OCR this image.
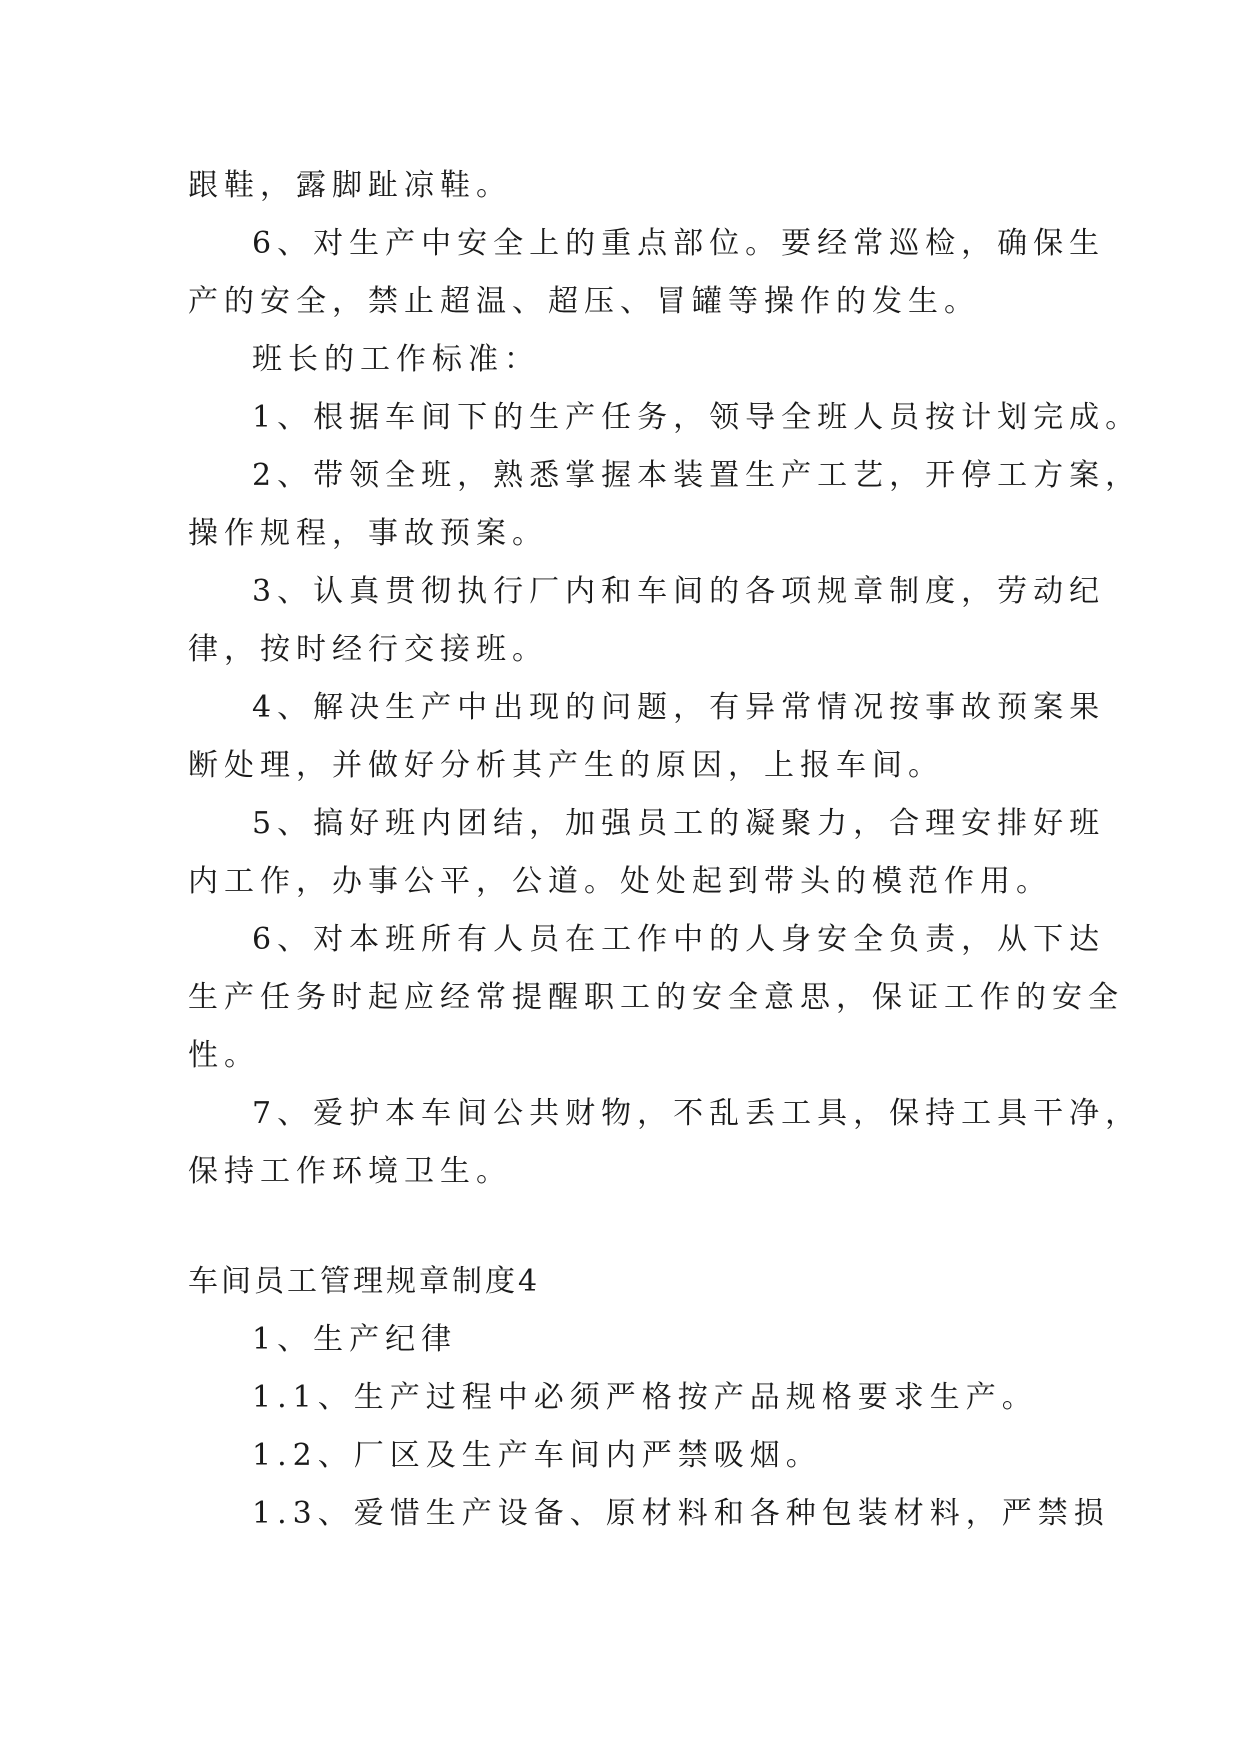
跟鞋，露脚趾凉鞋。
6、对生产中安全上的重点部位。要经常巡检，确保生
产的安全，禁止超温、超压、冒罐等操作的发生。
班长的工作标准：
1、根据车间下的生产任务，领导全班人员按计划完成。
2、带领全班，熟悉掌握本装置生产工艺，开停工方案，
操作规程，事故预案。
3、认真贯彻执行厂内和车间的各项规章制度，劳动纪
律，按时经行交接班。
4、解决生产中出现的问题，有异常情况按事故预案果
断处理，并做好分析其产生的原因，上报车间。
5、搞好班内团结，加强员工的凝聚力，合理安排好班
内工作，办事公平，公道。处处起到带头的模范作用。
6、对本班所有人员在工作中的人身安全负责，从下达
生产任务时起应经常提醒职工的安全意思，保证工作的安全
性。
7、爱护本车间公共财物，不乱丢工具，保持工具干净，
保持工作环境卫生。
车间员工管理规章制度4
1、生产纪律
1.1、生产过程中必须严格按产品规格要求生产。
1.2、厂区及生产车间内严禁吸烟。
1.3、爱惜生产设备、原材料和各种包装材料，严禁损
